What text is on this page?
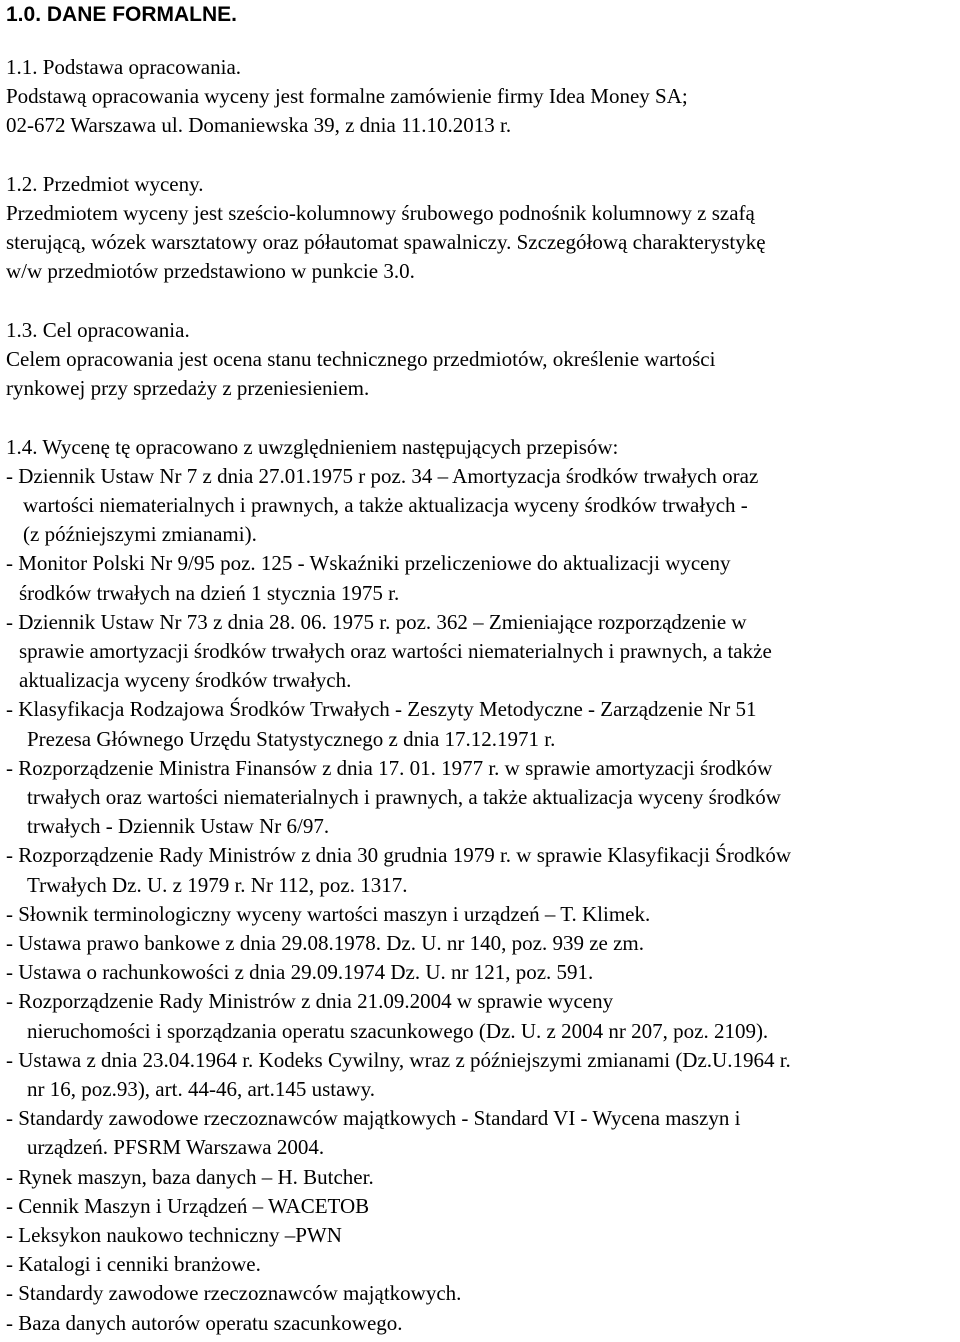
1.0. DANE FORMALNE.

1.1. Podstawa opracowania.

Podstawą opracowania wyceny jest formalne zamówienie firmy Idea Money SA;

02-672 Warszawa ul. Domaniewska 39, z dnia 11.10.2013 r.

1.2. Przedmiot wyceny.

Przedmiotem wyceny jest sześcio-kolumnowy śrubowego podnośnik kolumnowy z szafą

sterującą, wózek warsztatowy oraz półautomat spawalniczy. Szczegółową charakterystykę

w/w przedmiotów przedstawiono w punkcie 3.0.

1.3. Cel opracowania.

Celem opracowania jest ocena stanu technicznego przedmiotów, określenie wartości

rynkowej przy sprzedaży z przeniesieniem.

1.4. Wycenę tę opracowano z uwzględnieniem następujących przepisów:

- Dziennik Ustaw Nr 7 z dnia 27.01.1975 r poz. 34 – Amortyzacja środków trwałych oraz

wartości niematerialnych i prawnych, a także aktualizacja wyceny środków trwałych -

(z późniejszymi zmianami).

- Monitor Polski Nr 9/95 poz. 125 - Wskaźniki przeliczeniowe do aktualizacji wyceny

środków trwałych na dzień 1 stycznia 1975 r.

- Dziennik Ustaw Nr 73 z dnia 28. 06. 1975 r. poz. 362 – Zmieniające rozporządzenie w

sprawie amortyzacji środków trwałych oraz wartości niematerialnych i prawnych, a także

aktualizacja wyceny środków trwałych.

- Klasyfikacja Rodzajowa Środków Trwałych - Zeszyty Metodyczne - Zarządzenie Nr 51

Prezesa Głównego Urzędu Statystycznego z dnia 17.12.1971 r.

- Rozporządzenie Ministra Finansów z dnia 17. 01. 1977 r. w sprawie amortyzacji środków

trwałych oraz wartości niematerialnych i prawnych, a także aktualizacja wyceny środków

trwałych - Dziennik Ustaw Nr 6/97.

- Rozporządzenie Rady Ministrów z dnia 30 grudnia 1979 r. w sprawie Klasyfikacji Środków

Trwałych Dz. U. z 1979 r. Nr 112, poz. 1317.

- Słownik terminologiczny wyceny wartości maszyn i urządzeń – T. Klimek.

- Ustawa prawo bankowe z dnia 29.08.1978. Dz. U. nr 140, poz. 939 ze zm.

- Ustawa o rachunkowości z dnia 29.09.1974 Dz. U. nr 121, poz. 591.

- Rozporządzenie Rady Ministrów z dnia 21.09.2004 w sprawie wyceny

nieruchomości i sporządzania operatu szacunkowego (Dz. U. z 2004 nr 207, poz. 2109).

- Ustawa z dnia 23.04.1964 r. Kodeks Cywilny, wraz z późniejszymi zmianami (Dz.U.1964 r.

nr 16, poz.93), art. 44-46, art.145 ustawy.

- Standardy zawodowe rzeczoznawców majątkowych - Standard VI - Wycena maszyn i

urządzeń. PFSRM Warszawa 2004.

- Rynek maszyn, baza danych – H. Butcher.

- Cennik Maszyn i Urządzeń – WACETOB

- Leksykon naukowo techniczny –PWN

- Katalogi i cenniki branżowe.

- Standardy zawodowe rzeczoznawców majątkowych.

- Baza danych autorów operatu szacunkowego.
